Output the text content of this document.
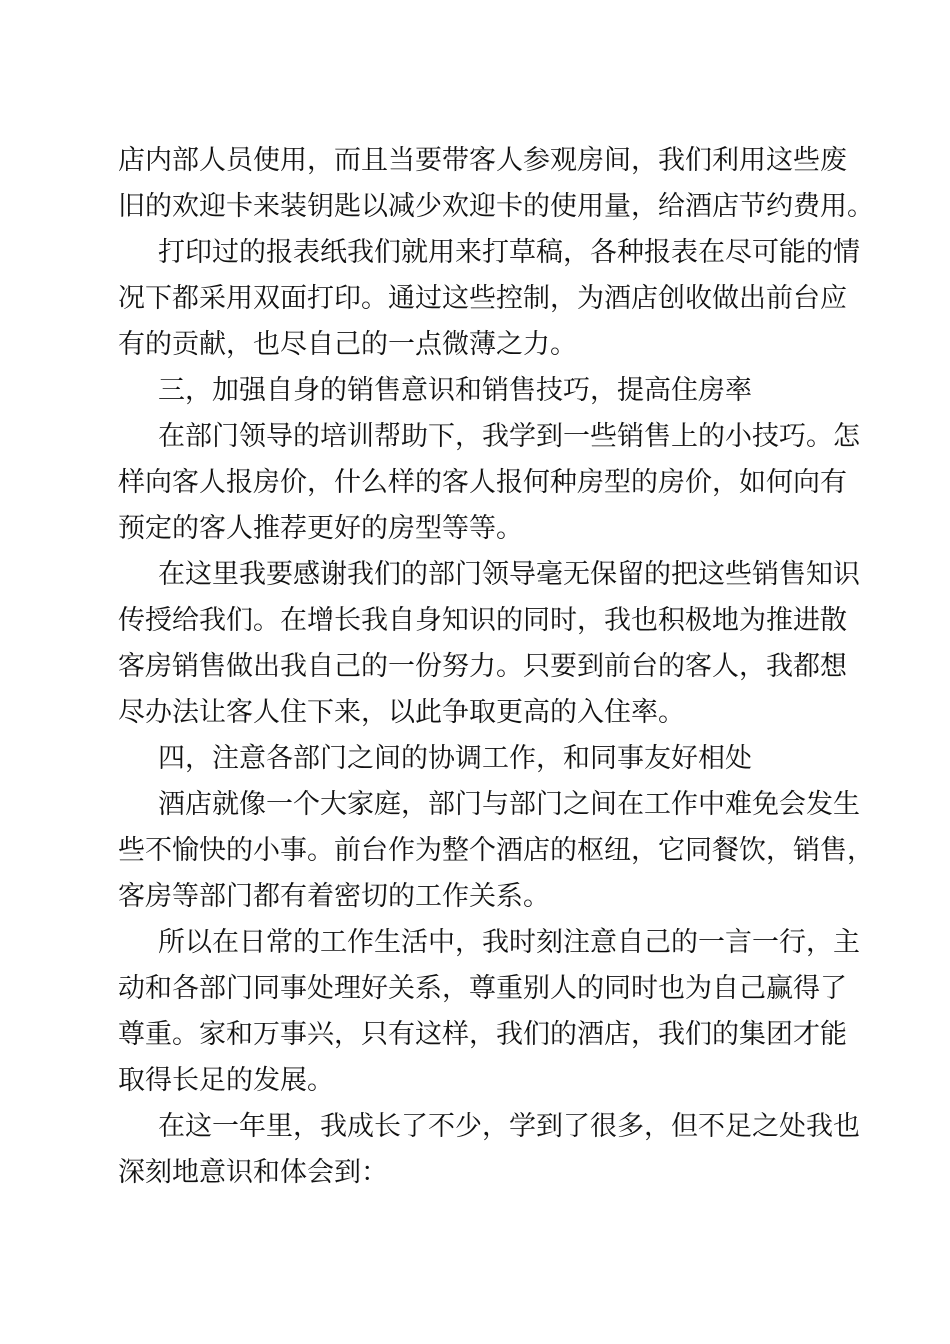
店内部人员使用，而且当要带客人参观房间，我们利用这些废
旧的欢迎卡来装钥匙以减少欢迎卡的使用量，给酒店节约费用。
打印过的报表纸我们就用来打草稿，各种报表在尽可能的情
况下都采用双面打印。通过这些控制，为酒店创收做出前台应
有的贡献，也尽自己的一点微薄之力。
三，加强自身的销售意识和销售技巧，提高住房率
在部门领导的培训帮助下，我学到一些销售上的小技巧。怎
样向客人报房价，什么样的客人报何种房型的房价，如何向有
预定的客人推荐更好的房型等等。
在这里我要感谢我们的部门领导毫无保留的把这些销售知识
传授给我们。在增长我自身知识的同时，我也积极地为推进散
客房销售做出我自己的一份努力。只要到前台的客人，我都想
尽办法让客人住下来，以此争取更高的入住率。
四，注意各部门之间的协调工作，和同事友好相处
酒店就像一个大家庭，部门与部门之间在工作中难免会发生
些不愉快的小事。前台作为整个酒店的枢纽，它同餐饮，销售，
客房等部门都有着密切的工作关系。
所以在日常的工作生活中，我时刻注意自己的一言一行，主
动和各部门同事处理好关系，尊重别人的同时也为自己赢得了
尊重。家和万事兴，只有这样，我们的酒店，我们的集团才能
取得长足的发展。
在这一年里，我成长了不少，学到了很多，但不足之处我也
深刻地意识和体会到：
